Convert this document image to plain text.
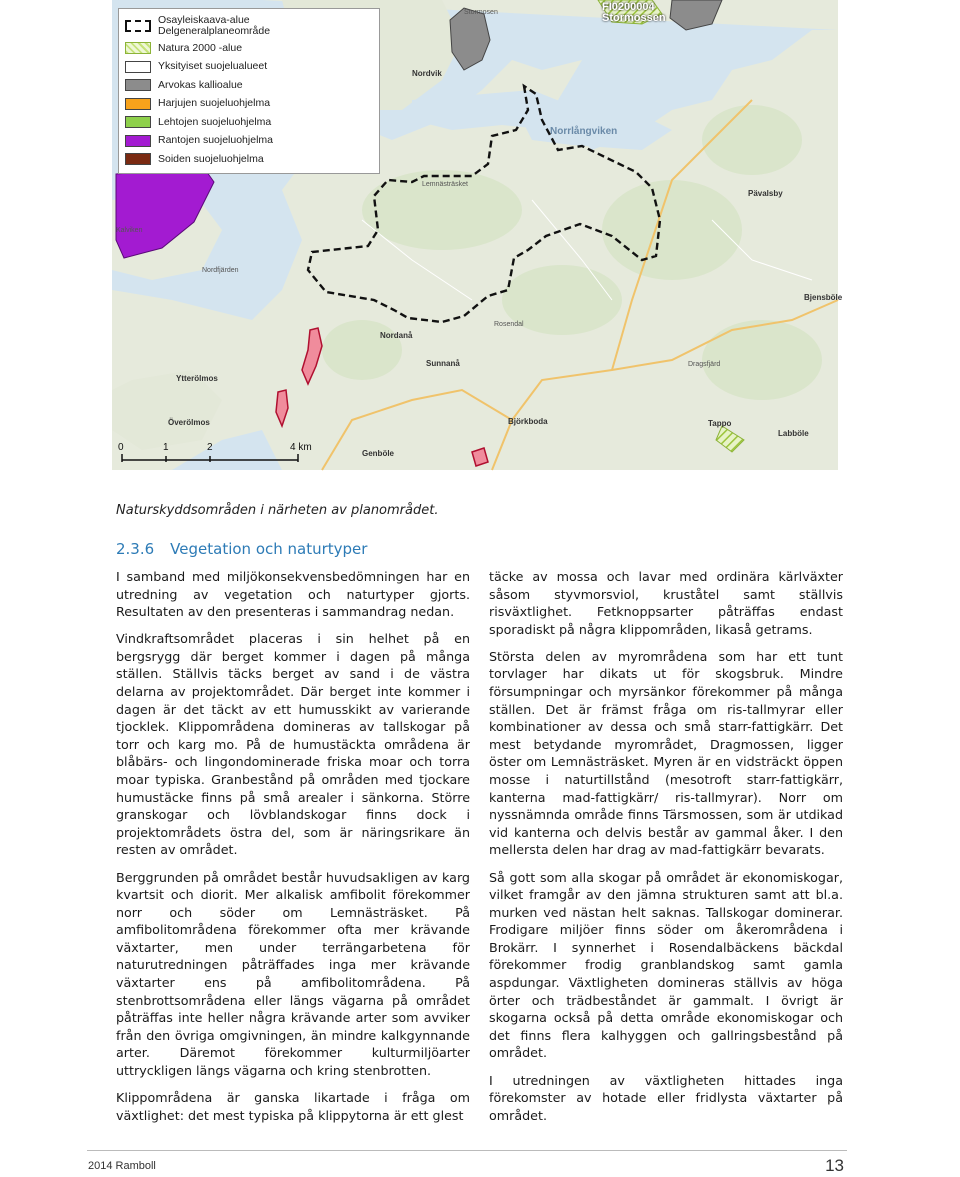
Nordvik
Norrlångviken
Pävalsby
Bjensböle
Nordanå
Sunnanå
Björkboda
Överölmos
Ytterölmos
Labböle
Tappo
Genböle
Kalviken
Rosendal
Dragsfjärd
Stormosen
Nordfjärden
Lemnästräsket
Osayleiskaava-alue
Delgeneralplaneområde
Natura 2000 -alue
Yksityiset suojelualueet
Arvokas kallioalue
Harjujen suojeluohjelma
Lehtojen suojeluohjelma
Rantojen suojeluohjelma
Soiden suojeluohjelma
FI0200004
Stormossen
0	1	2	4 km
Naturskyddsområden i närheten av planområdet.
2.3.6 Vegetation och naturtyper

I samband med miljökonsekvensbedömningen har en utredning av vegetation och naturtyper gjorts. Resultaten av den presenteras i sammandrag nedan.

Vindkraftsområdet placeras i sin helhet på en bergsrygg där berget kommer i dagen på många ställen. Ställvis täcks berget av sand i de västra delarna av projektområdet. Där berget inte kommer i dagen är det täckt av ett humusskikt av varierande tjocklek. Klippområdena domineras av tallskogar på torr och karg mo. På de humustäckta områdena är blåbärs- och lingondominerade friska moar och torra moar typiska. Granbestånd på områden med tjockare humustäcke finns på små arealer i sänkorna. Större granskogar och lövblandskogar finns dock i projektområdets östra del, som är näringsrikare än resten av området.

Berggrunden på området består huvudsakligen av karg kvartsit och diorit. Mer alkalisk amfibolit förekommer norr och söder om Lemnästräsket. På amfibolitområdena förekommer ofta mer krävande växtarter, men under terrängarbetena för naturutredningen påträffades inga mer krävande växtarter ens på amfibolitområdena. På stenbrottsområdena eller längs vägarna på området påträffas inte heller några krävande arter som avviker från den övriga omgivningen, än mindre kalkgynnande arter. Däremot förekommer kulturmiljöarter uttryckligen längs vägarna och kring stenbrotten.

Klippområdena är ganska likartade i fråga om växtlighet: det mest typiska på klippytorna är ett glest

täcke av mossa och lavar med ordinära kärlväxter såsom styvmorsviol, kruståtel samt ställvis risväxtlighet. Fetknoppsarter påträffas endast sporadiskt på några klippområden, likaså getrams.

Största delen av myrområdena som har ett tunt torvlager har dikats ut för skogsbruk. Mindre försumpningar och myrsänkor förekommer på många ställen. Det är främst fråga om ris-tallmyrar eller kombinationer av dessa och små starr-fattigkärr. Det mest betydande myrområdet, Dragmossen, ligger öster om Lemnästräsket. Myren är en vidsträckt öppen mosse i naturtillstånd (mesotroft starr-fattigkärr, kanterna mad-fattigkärr/ ris-tallmyrar). Norr om nyssnämnda område finns Tärsmossen, som är utdikad vid kanterna och delvis består av gammal åker. I den mellersta delen har drag av mad-fattigkärr bevarats.

Så gott som alla skogar på området är ekonomiskogar, vilket framgår av den jämna strukturen samt att bl.a. murken ved nästan helt saknas. Tallskogar dominerar. Frodigare miljöer finns söder om åkerområdena i Brokärr. I synnerhet i Rosendalbäckens bäckdal förekommer frodig granblandskog samt gamla aspdungar. Växtligheten domineras ställvis av höga örter och trädbeståndet är gammalt. I övrigt är skogarna också på detta område ekonomiskogar och det finns flera kalhyggen och gallringsbestånd på området.

I utredningen av växtligheten hittades inga förekomster av hotade eller fridlysta växtarter på området.

2014 Ramboll	13
